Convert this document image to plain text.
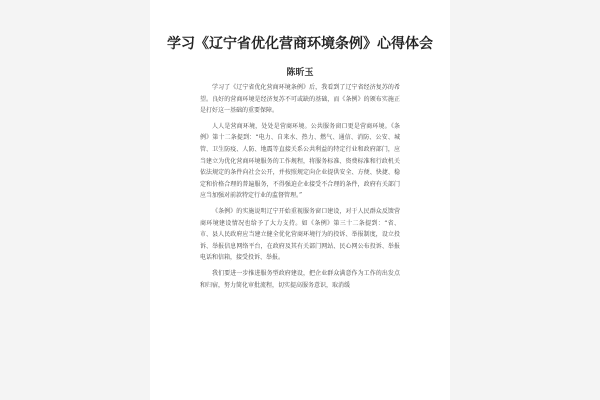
学习《辽宁省优化营商环境条例》心得体会
陈昕玉

学习了《辽宁省优化营商环境条例》后，我看到了辽宁省经济复苏的希望。良好的营商环境是经济复苏不可或缺的基础，而《条例》的颁布实施正是打好这一基础的重要保障。

人人是营商环境，处处是营商环境。公共服务窗口更是营商环境。《条例》第十二条提到：“电力、自来水、热力、燃气、通信、消防、公安、城管、卫生防疫、人防、地震等直接关系公共利益的特定行业和政府部门，应当建立为优化营商环境服务的工作规程，将服务标准、资费标准和行政机关依法规定的条件向社会公开，并按照规定向企业提供安全、方便、快捷、稳定和价格合理的普遍服务，不得强迫企业接受不合理的条件，政府有关部门应当加强对前款特定行业的监督管理。”

《条例》的实施说明辽宁开始重视服务窗口建设，对于人民群众反馈营商环境建设情况也给予了大力支持。如《条例》第三十二条提到：“省、市、县人民政府应当建立健全优化营商环境行为的投诉、举报制度，设立投诉、举报信息网络平台，在政府及其有关部门网站、民心网公布投诉、举报电话和信箱，接受投诉、举报。

我们要进一步推进服务型政府建设，把企业群众满意作为工作的出发点和归宿，努力简化审批流程，切实提高服务意识，取消缓
